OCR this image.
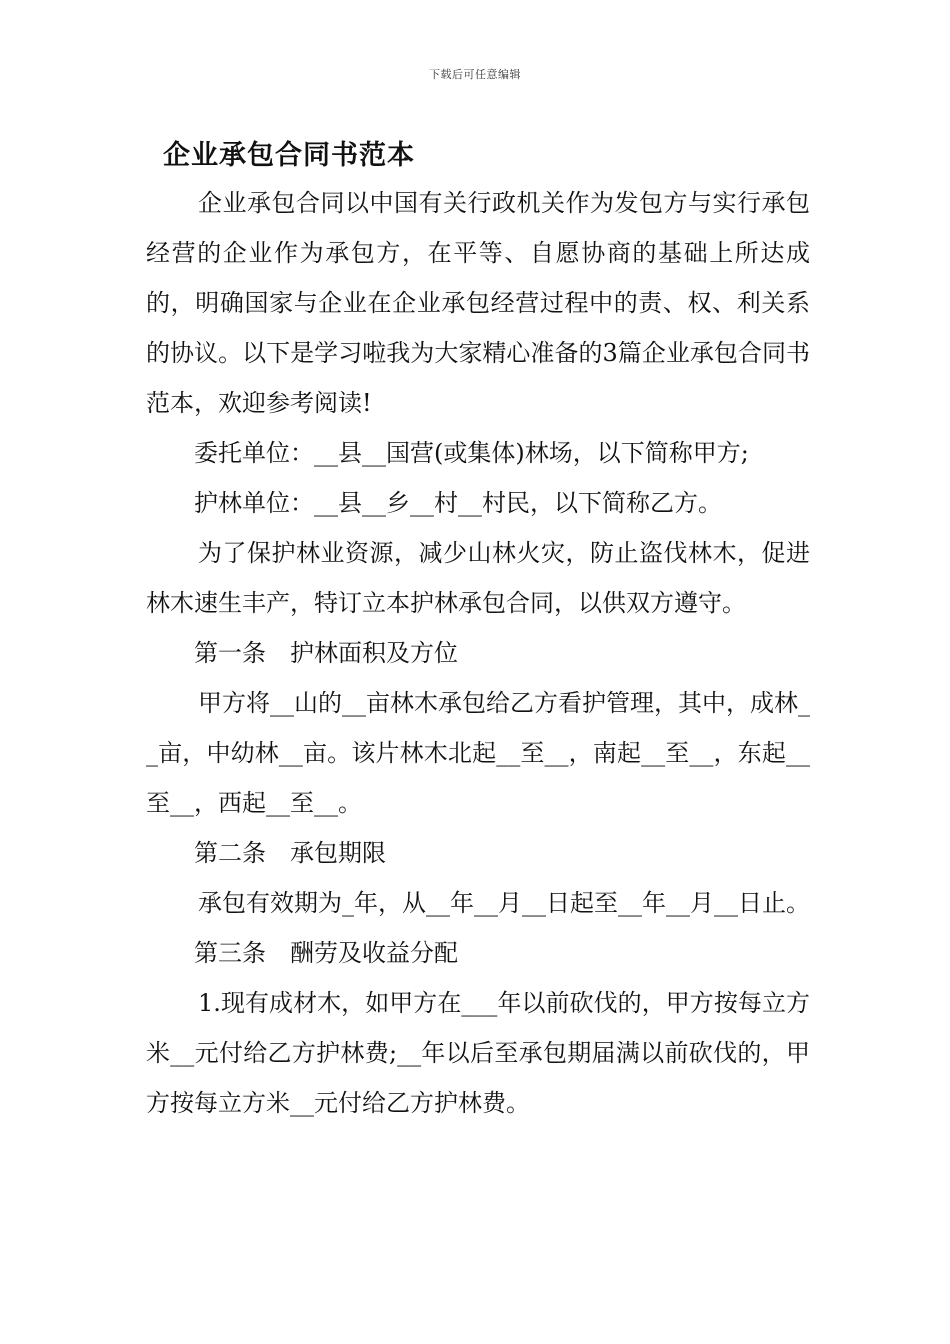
下载后可任意编辑
企业承包合同书范本

企业承包合同以中国有关行政机关作为发包方与实行承包经营的企业作为承包方，在平等、自愿协商的基础上所达成的，明确国家与企业在企业承包经营过程中的责、权、利关系的协议。以下是学习啦我为大家精心准备的3篇企业承包合同书范本，欢迎参考阅读!

委托单位：__县__国营(或集体)林场，以下简称甲方;

护林单位：__县__乡__村__村民，以下简称乙方。

为了保护林业资源，减少山林火灾，防止盗伐林木，促进林木速生丰产，特订立本护林承包合同，以供双方遵守。

第一条　护林面积及方位

甲方将__山的__亩林木承包给乙方看护管理，其中，成林__亩，中幼林__亩。该片林木北起__至__，南起__至__，东起__至__，西起__至__。

第二条　承包期限

承包有效期为_年，从__年__月__日起至__年__月__日止。

第三条　酬劳及收益分配

1.现有成材木，如甲方在___年以前砍伐的，甲方按每立方米__元付给乙方护林费;__年以后至承包期届满以前砍伐的，甲方按每立方米__元付给乙方护林费。
